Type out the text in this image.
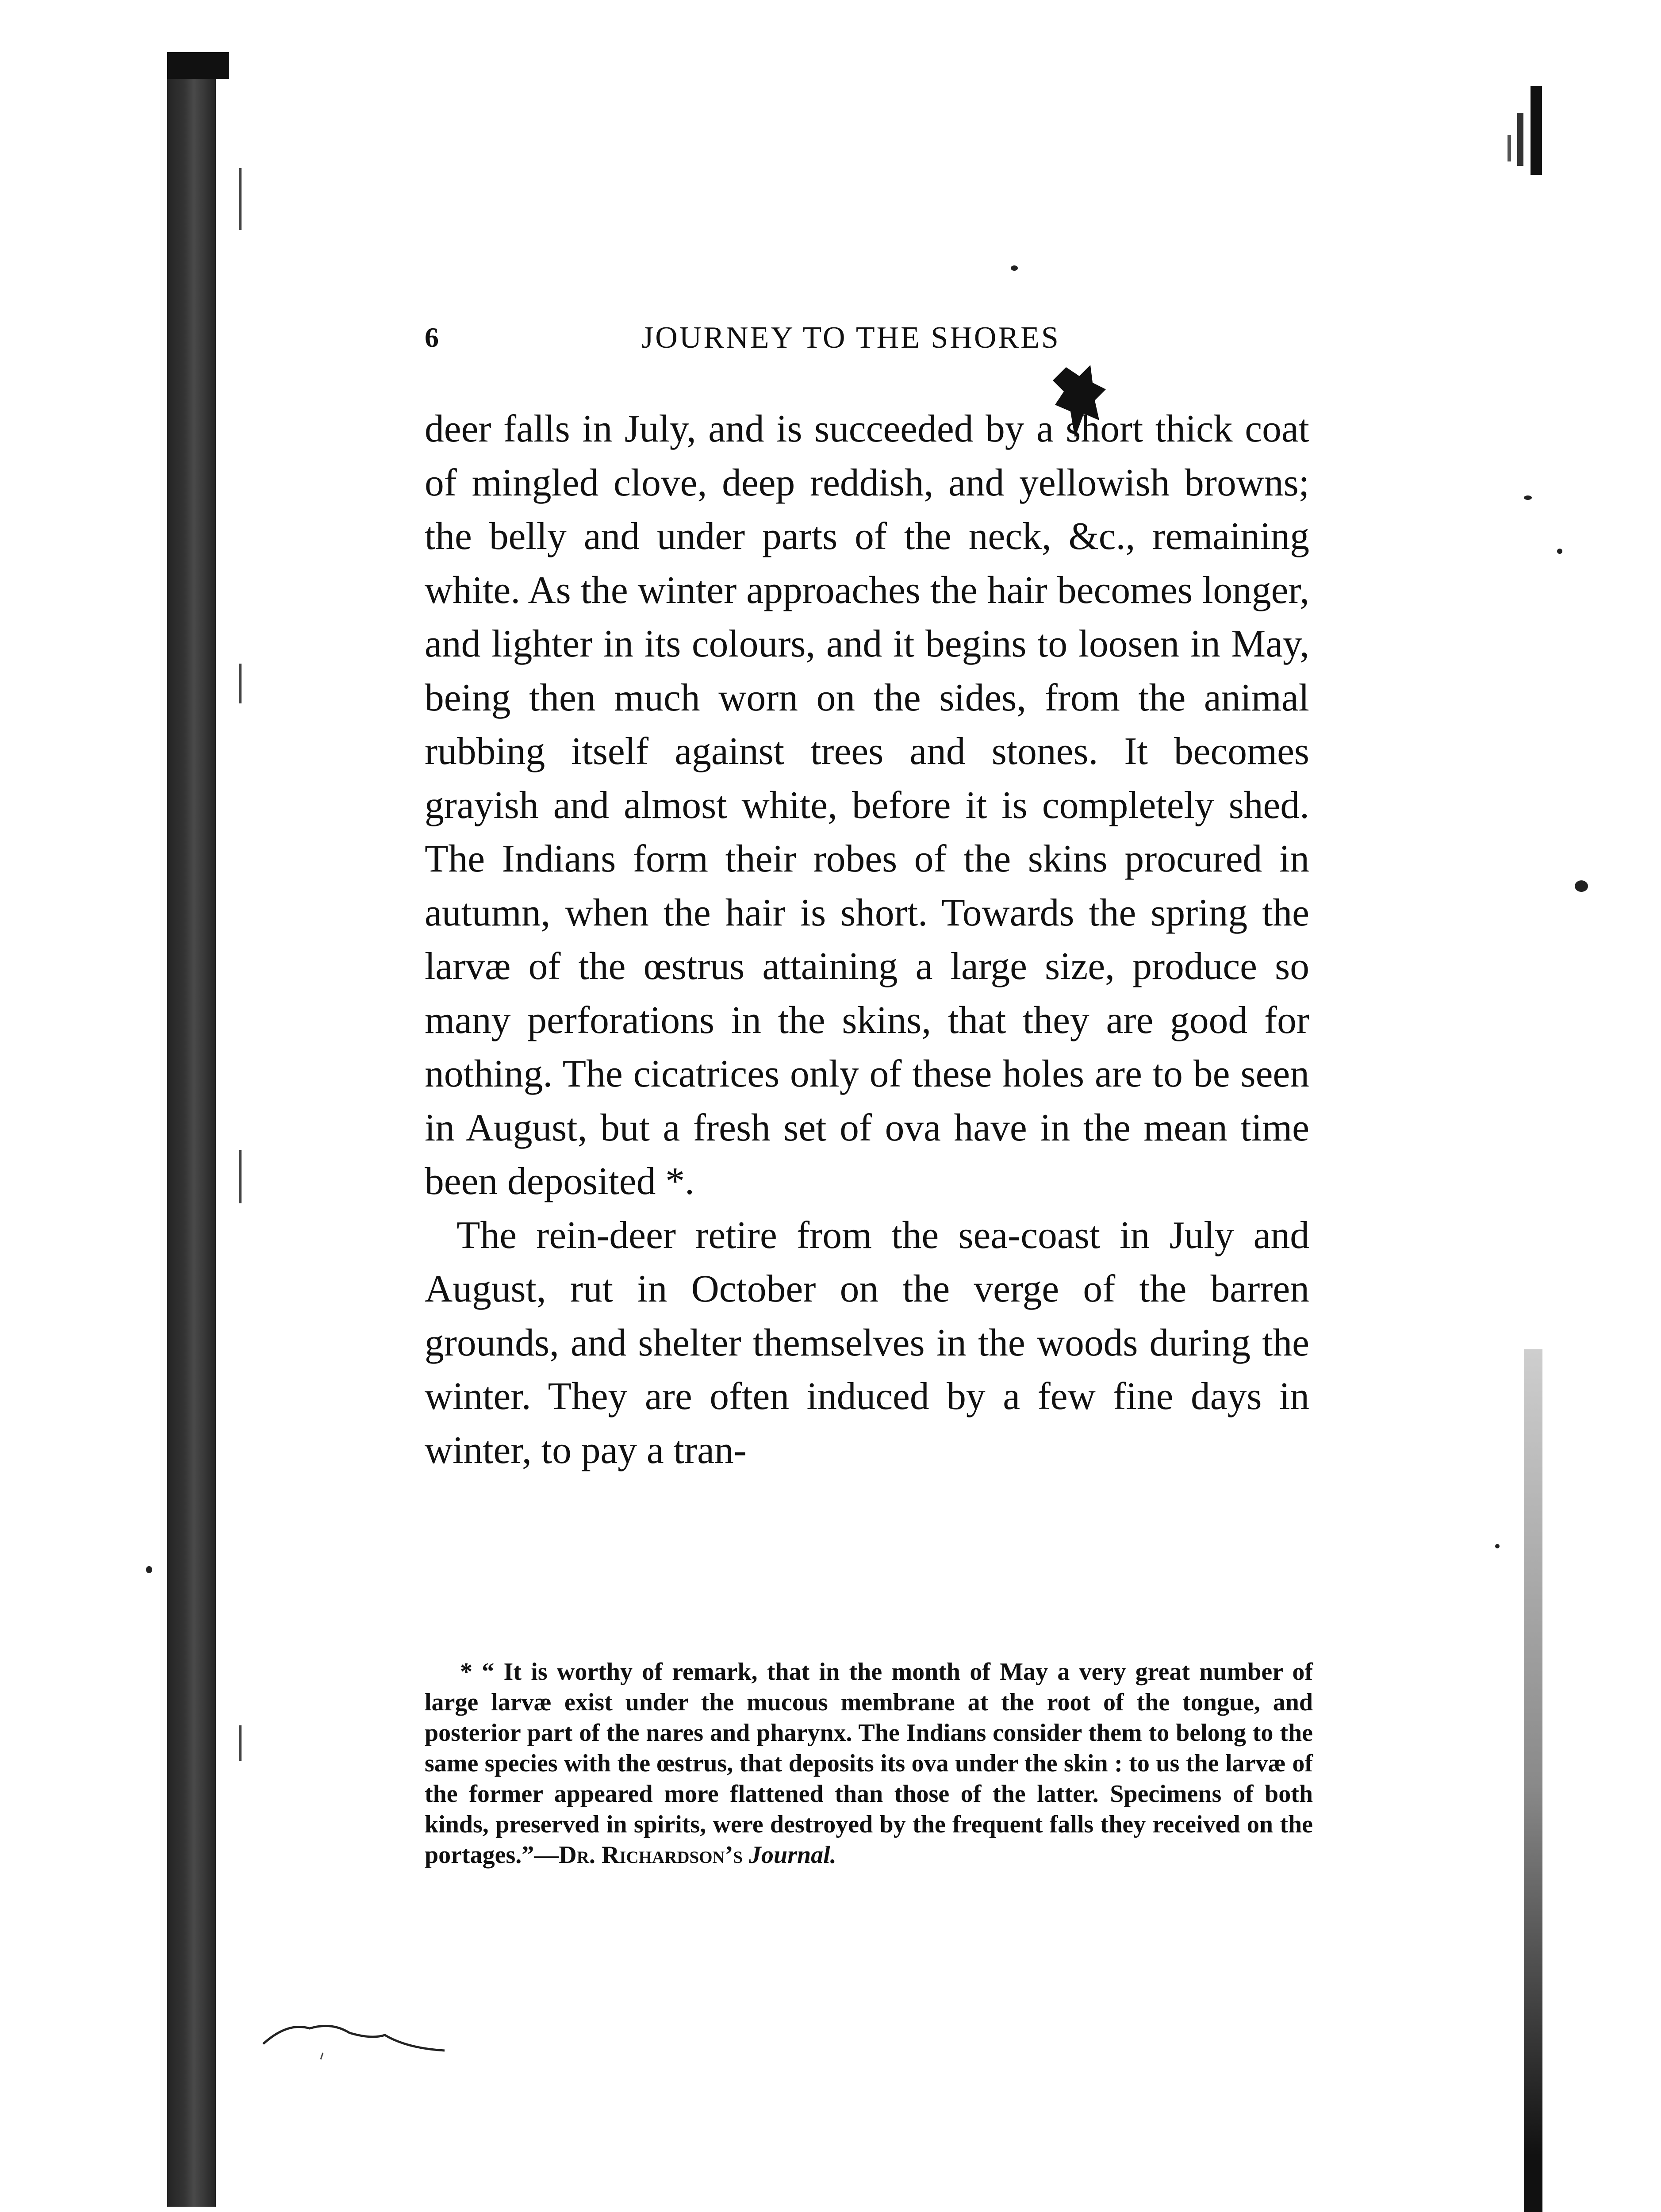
6	JOURNEY TO THE SHORES

deer falls in July, and is succeeded by a short thick coat of mingled clove, deep reddish, and yellowish browns; the belly and under parts of the neck, &c., remaining white. As the winter approaches the hair becomes longer, and lighter in its colours, and it begins to loosen in May, being then much worn on the sides, from the animal rubbing itself against trees and stones. It becomes grayish and almost white, before it is completely shed. The Indians form their robes of the skins procured in autumn, when the hair is short. Towards the spring the larvæ of the œstrus attaining a large size, produce so many perforations in the skins, that they are good for nothing. The cicatrices only of these holes are to be seen in August, but a fresh set of ova have in the mean time been deposited *.

The rein-deer retire from the sea-coast in July and August, rut in October on the verge of the barren grounds, and shelter themselves in the woods during the winter. They are often induced by a few fine days in winter, to pay a tran-

* “ It is worthy of remark, that in the month of May a very great number of large larvæ exist under the mucous membrane at the root of the tongue, and posterior part of the nares and pharynx. The Indians consider them to belong to the same species with the œstrus, that deposits its ova under the skin : to us the larvæ of the former appeared more flattened than those of the latter. Specimens of both kinds, preserved in spirits, were destroyed by the frequent falls they received on the portages.”—Dr. Richardson’s Journal.
